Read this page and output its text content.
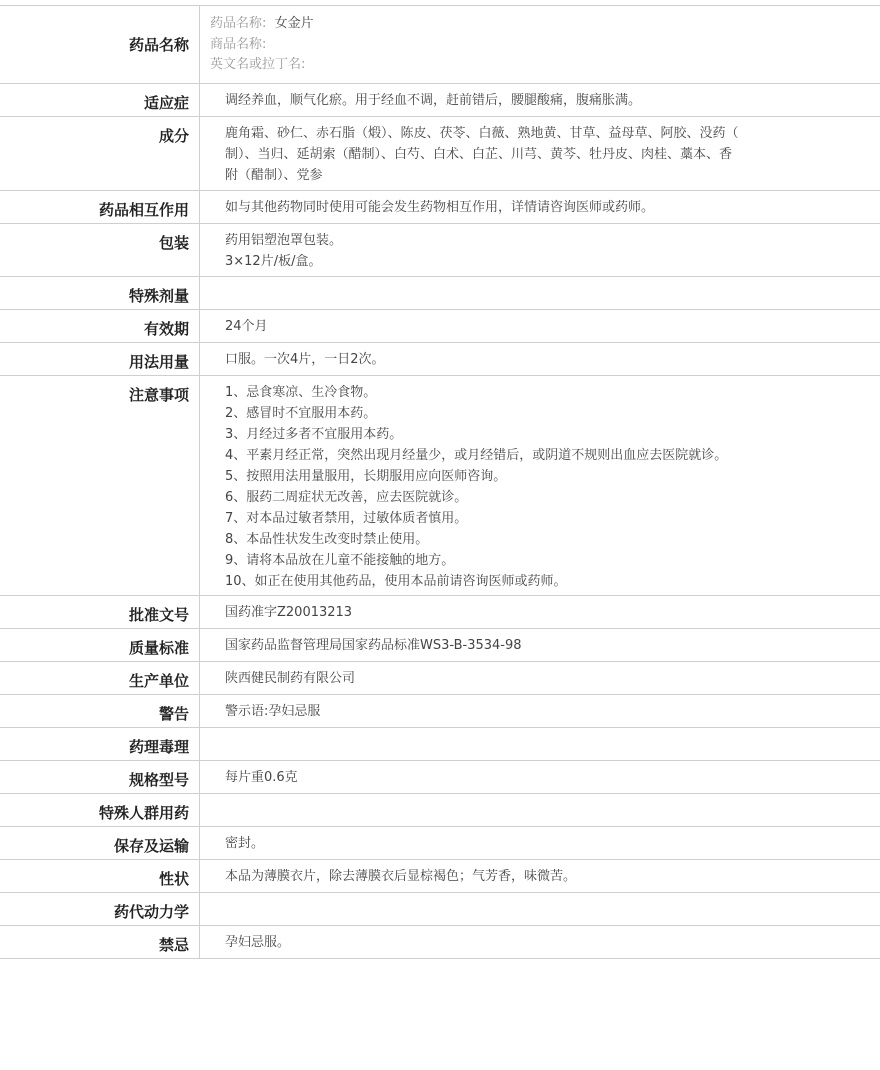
药品名称
药品名称: 女金片
商品名称:
英文名或拉丁名:
适应症	调经养血，顺气化瘀。用于经血不调，赶前错后，腰腿酸痛，腹痛胀满。
成分	鹿角霜、砂仁、赤石脂（煅）、陈皮、茯苓、白薇、熟地黄、甘草、益母草、阿胶、没药（
制）、当归、延胡索（醋制）、白芍、白术、白芷、川芎、黄芩、牡丹皮、肉桂、藁本、香
附（醋制）、党参
药品相互作用	如与其他药物同时使用可能会发生药物相互作用，详情请咨询医师或药师。
包装	药用铝塑泡罩包装。
3×12片/板/盒。
特殊剂量
有效期	24个月
用法用量	口服。一次4片，一日2次。
注意事项	1、忌食寒凉、生冷食物。
2、感冒时不宜服用本药。
3、月经过多者不宜服用本药。
4、平素月经正常，突然出现月经量少，或月经错后，或阴道不规则出血应去医院就诊。
5、按照用法用量服用，长期服用应向医师咨询。
6、服药二周症状无改善，应去医院就诊。
7、对本品过敏者禁用，过敏体质者慎用。
8、本品性状发生改变时禁止使用。
9、请将本品放在儿童不能接触的地方。
10、如正在使用其他药品，使用本品前请咨询医师或药师。
批准文号	国药准字Z20013213
质量标准	国家药品监督管理局国家药品标准WS3-B-3534-98
生产单位	陕西健民制药有限公司
警告	警示语:孕妇忌服
药理毒理
规格型号	每片重0.6克
特殊人群用药
保存及运输	密封。
性状	本品为薄膜衣片，除去薄膜衣后显棕褐色；气芳香，味微苦。
药代动力学
禁忌	孕妇忌服。
